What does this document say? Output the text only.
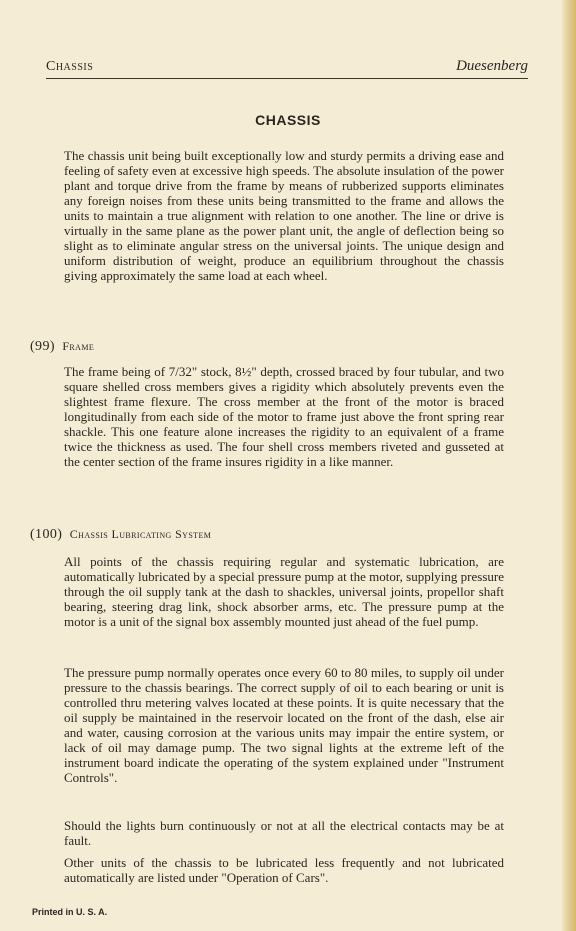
Chassis	Duesenberg
CHASSIS

The chassis unit being built exceptionally low and sturdy permits a driving ease and feeling of safety even at excessive high speeds. The absolute insulation of the power plant and torque drive from the frame by means of rubberized supports eliminates any foreign noises from these units being transmitted to the frame and allows the units to maintain a true alignment with relation to one another. The line or drive is virtually in the same plane as the power plant unit, the angle of deflection being so slight as to eliminate angular stress on the universal joints. The unique design and uniform distribution of weight, produce an equilibrium throughout the chassis giving approximately the same load at each wheel.

(99) Frame

The frame being of 7/32" stock, 8½" depth, crossed braced by four tubular, and two square shelled cross members gives a rigidity which absolutely prevents even the slightest frame flexure. The cross member at the front of the motor is braced longitudinally from each side of the motor to frame just above the front spring rear shackle. This one feature alone increases the rigidity to an equivalent of a frame twice the thickness as used. The four shell cross members riveted and gusseted at the center section of the frame insures rigidity in a like manner.

(100) Chassis Lubricating System

All points of the chassis requiring regular and systematic lubrication, are automatically lubricated by a special pressure pump at the motor, supplying pressure through the oil supply tank at the dash to shackles, universal joints, propellor shaft bearing, steering drag link, shock absorber arms, etc. The pressure pump at the motor is a unit of the signal box assembly mounted just ahead of the fuel pump.

The pressure pump normally operates once every 60 to 80 miles, to supply oil under pressure to the chassis bearings. The correct supply of oil to each bearing or unit is controlled thru metering valves located at these points. It is quite necessary that the oil supply be maintained in the reservoir located on the front of the dash, else air and water, causing corrosion at the various units may impair the entire system, or lack of oil may damage pump. The two signal lights at the extreme left of the instrument board indicate the operating of the system explained under "Instrument Controls".

Should the lights burn continuously or not at all the electrical contacts may be at fault.

Other units of the chassis to be lubricated less frequently and not lubricated automatically are listed under "Operation of Cars".

Printed in U. S. A.
